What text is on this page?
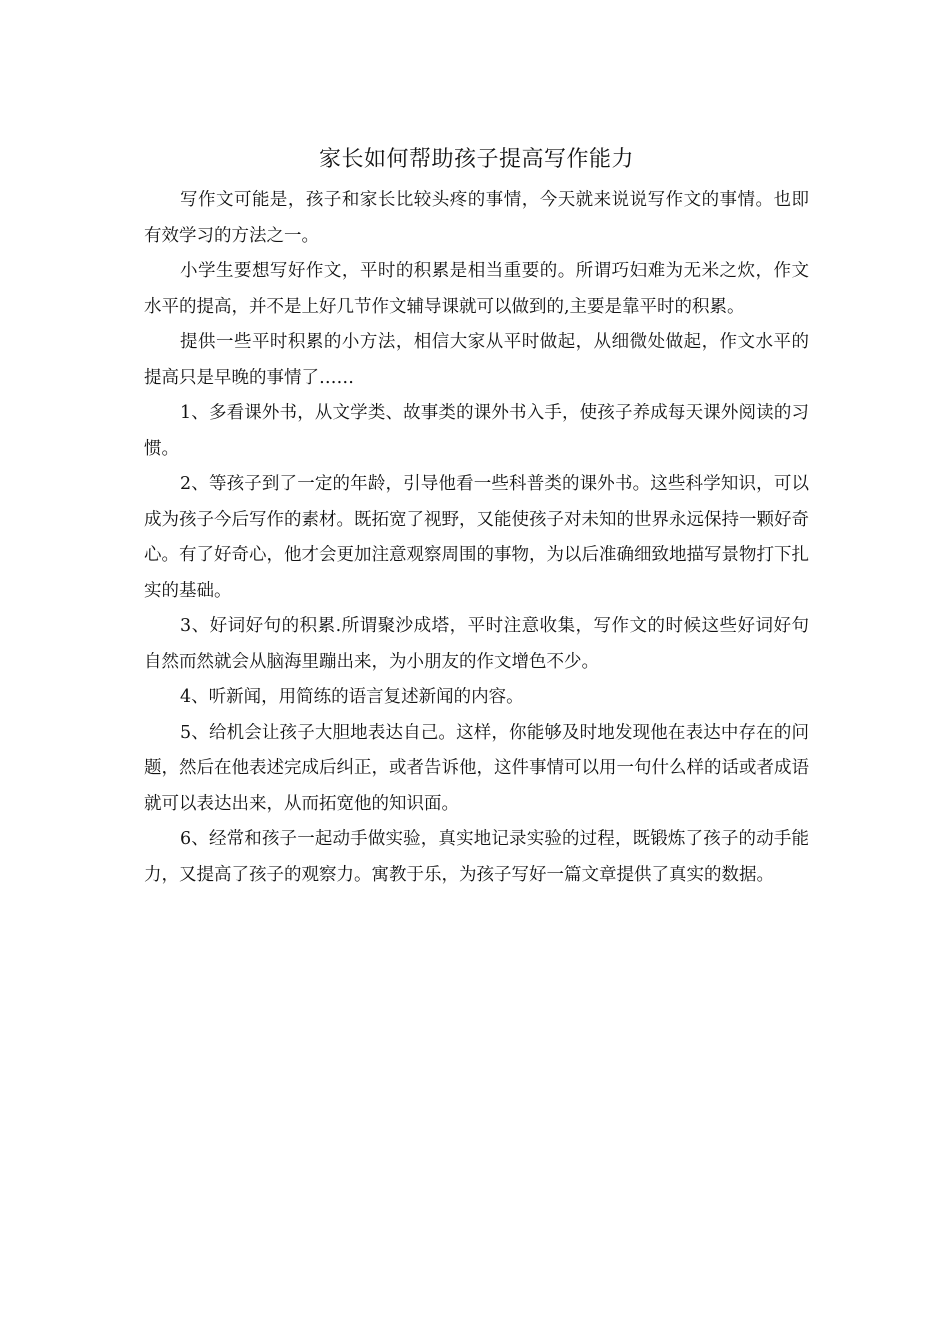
家长如何帮助孩子提高写作能力

写作文可能是，孩子和家长比较头疼的事情，今天就来说说写作文的事情。也即有效学习的方法之一。

小学生要想写好作文，平时的积累是相当重要的。所谓巧妇难为无米之炊，作文水平的提高，并不是上好几节作文辅导课就可以做到的,主要是靠平时的积累。

提供一些平时积累的小方法，相信大家从平时做起，从细微处做起，作文水平的提高只是早晚的事情了……

1、多看课外书，从文学类、故事类的课外书入手，使孩子养成每天课外阅读的习惯。

2、等孩子到了一定的年龄，引导他看一些科普类的课外书。这些科学知识，可以成为孩子今后写作的素材。既拓宽了视野，又能使孩子对未知的世界永远保持一颗好奇心。有了好奇心，他才会更加注意观察周围的事物，为以后准确细致地描写景物打下扎实的基础。

3、好词好句的积累.所谓聚沙成塔，平时注意收集，写作文的时候这些好词好句自然而然就会从脑海里蹦出来，为小朋友的作文增色不少。

4、听新闻，用简练的语言复述新闻的内容。

5、给机会让孩子大胆地表达自己。这样，你能够及时地发现他在表达中存在的问题，然后在他表述完成后纠正，或者告诉他，这件事情可以用一句什么样的话或者成语就可以表达出来，从而拓宽他的知识面。

6、经常和孩子一起动手做实验，真实地记录实验的过程，既锻炼了孩子的动手能力，又提高了孩子的观察力。寓教于乐，为孩子写好一篇文章提供了真实的数据。
